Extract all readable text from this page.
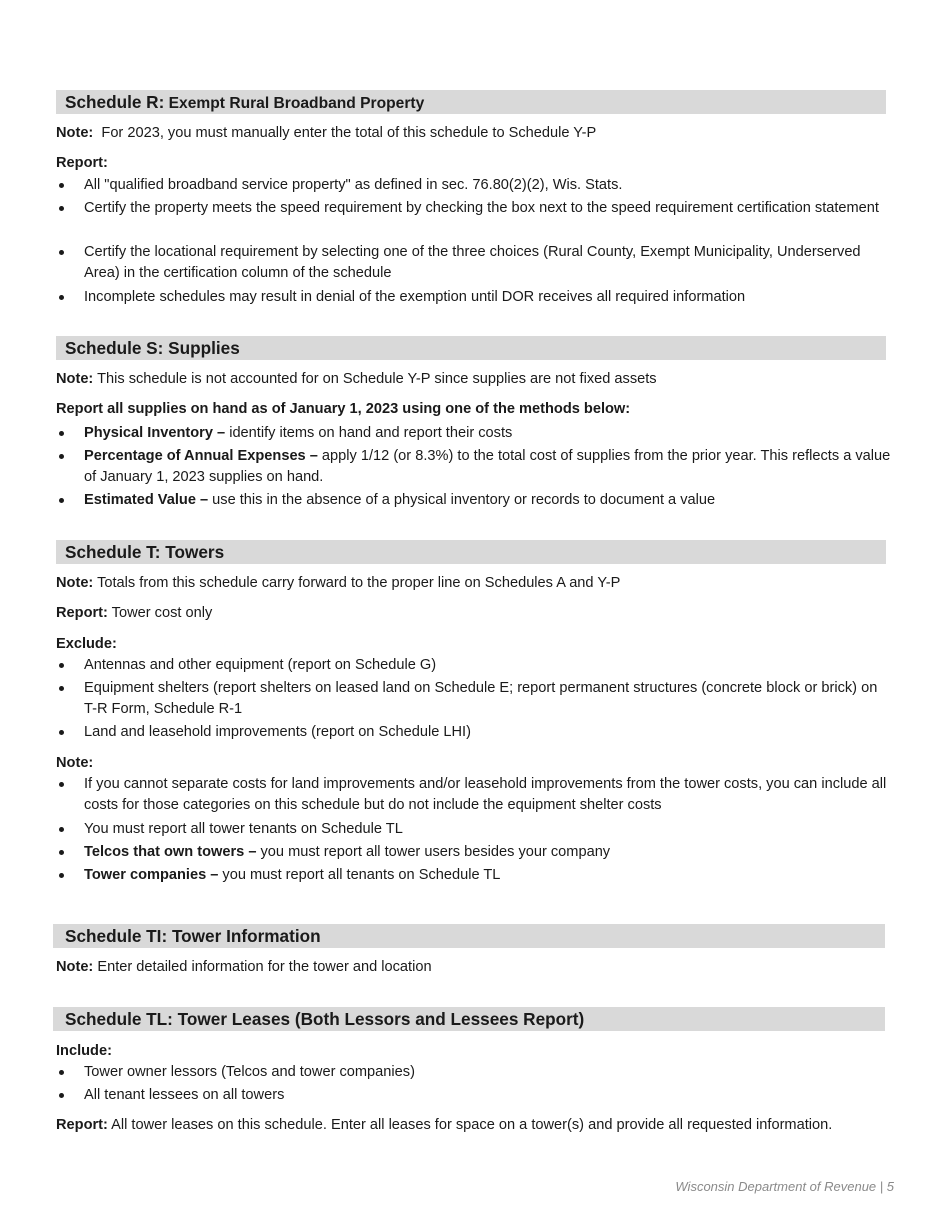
Schedule R: Exempt Rural Broadband Property
Note:  For 2023, you must manually enter the total of this schedule to Schedule Y-P
Report:
All "qualified broadband service property" as defined in sec. 76.80(2)(2), Wis. Stats.
Certify the property meets the speed requirement by checking the box next to the speed requirement certification statement
Certify the locational requirement by selecting one of the three choices (Rural County, Exempt Municipality, Underserved Area) in the certification column of the schedule
Incomplete schedules may result in denial of the exemption until DOR receives all required information
Schedule S: Supplies
Note: This schedule is not accounted for on Schedule Y-P since supplies are not fixed assets
Report all supplies on hand as of January 1, 2023 using one of the methods below:
Physical Inventory – identify items on hand and report their costs
Percentage of Annual Expenses – apply 1/12 (or 8.3%) to the total cost of supplies from the prior year. This reflects a value of January 1, 2023 supplies on hand.
Estimated Value – use this in the absence of a physical inventory or records to document a value
Schedule T: Towers
Note: Totals from this schedule carry forward to the proper line on Schedules A and Y-P
Report: Tower cost only
Exclude:
Antennas and other equipment (report on Schedule G)
Equipment shelters (report shelters on leased land on Schedule E; report permanent structures (concrete block or brick) on T-R Form, Schedule R-1
Land and leasehold improvements (report on Schedule LHI)
Note:
If you cannot separate costs for land improvements and/or leasehold improvements from the tower costs, you can include all costs for those categories on this schedule but do not include the equipment shelter costs
You must report all tower tenants on Schedule TL
Telcos that own towers – you must report all tower users besides your company
Tower companies – you must report all tenants on Schedule TL
Schedule TI: Tower Information
Note: Enter detailed information for the tower and location
Schedule TL: Tower Leases (Both Lessors and Lessees Report)
Include:
Tower owner lessors (Telcos and tower companies)
All tenant lessees on all towers
Report: All tower leases on this schedule. Enter all leases for space on a tower(s) and provide all requested information.
Wisconsin Department of Revenue | 5
